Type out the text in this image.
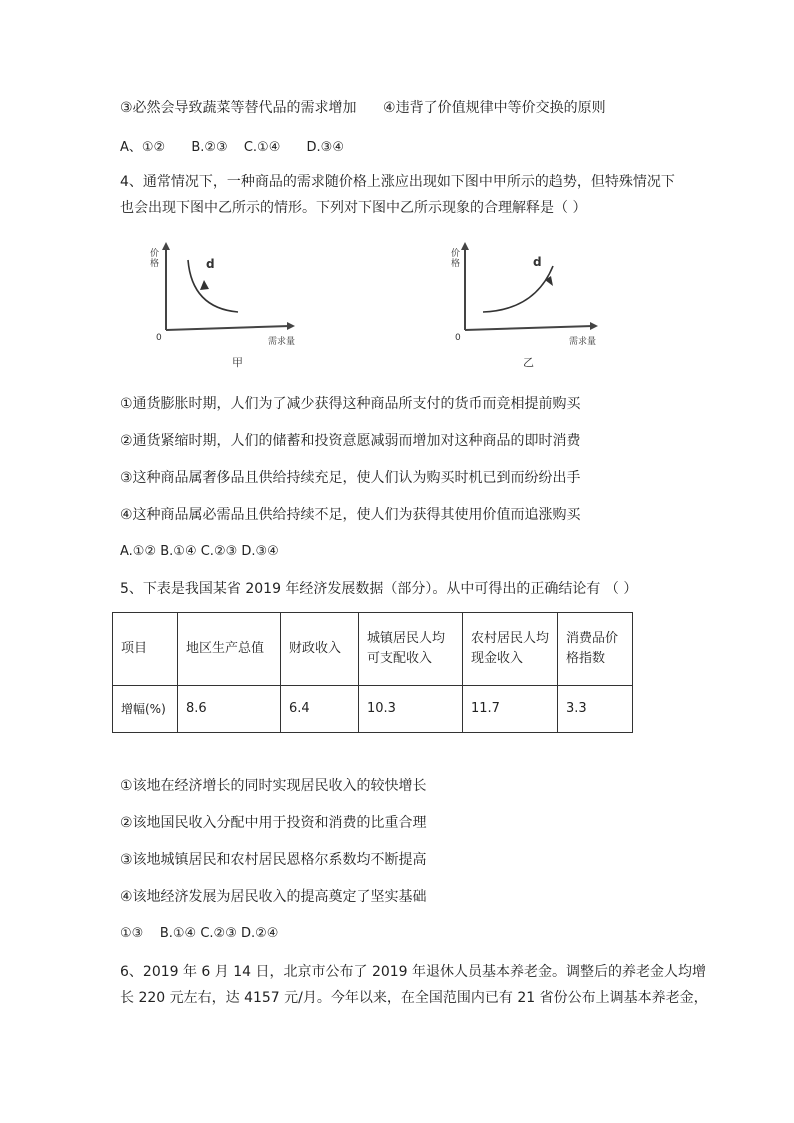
③必然会导致蔬菜等替代品的需求增加 ④违背了价值规律中等价交换的原则
A、①② B.②③ C.①④ D.③④
4、通常情况下，一种商品的需求随价格上涨应出现如下图中甲所示的趋势，但特殊情况下
也会出现下图中乙所示的情形。下列对下图中乙所示现象的合理解释是（ ）
价
格	d
0	需求量
甲
价
格	d
0	需求量
乙
①通货膨胀时期，人们为了减少获得这种商品所支付的货币而竞相提前购买
②通货紧缩时期，人们的储蓄和投资意愿减弱而增加对这种商品的即时消费
③这种商品属奢侈品且供给持续充足，使人们认为购买时机已到而纷纷出手
④这种商品属必需品且供给持续不足，使人们为获得其使用价值而追涨购买
A.①② B.①④ C.②③ D.③④
5、下表是我国某省 2019 年经济发展数据（部分）。从中可得出的正确结论有 （ ）
项目	地区生产总值	财政收入	城镇居民人均可支配收入	农村居民人均现金收入	消费品价格指数
增幅(%)	8.6	6.4	10.3	11.7	3.3
①该地在经济增长的同时实现居民收入的较快增长
②该地国民收入分配中用于投资和消费的比重合理
③该地城镇居民和农村居民恩格尔系数均不断提高
④该地经济发展为居民收入的提高奠定了坚实基础
①③    B.①④ C.②③ D.②④
6、2019 年 6 月 14 日，北京市公布了 2019 年退休人员基本养老金。调整后的养老金人均增
长 220 元左右，达 4157 元/月。今年以来，在全国范围内已有 21 省份公布上调基本养老金，
